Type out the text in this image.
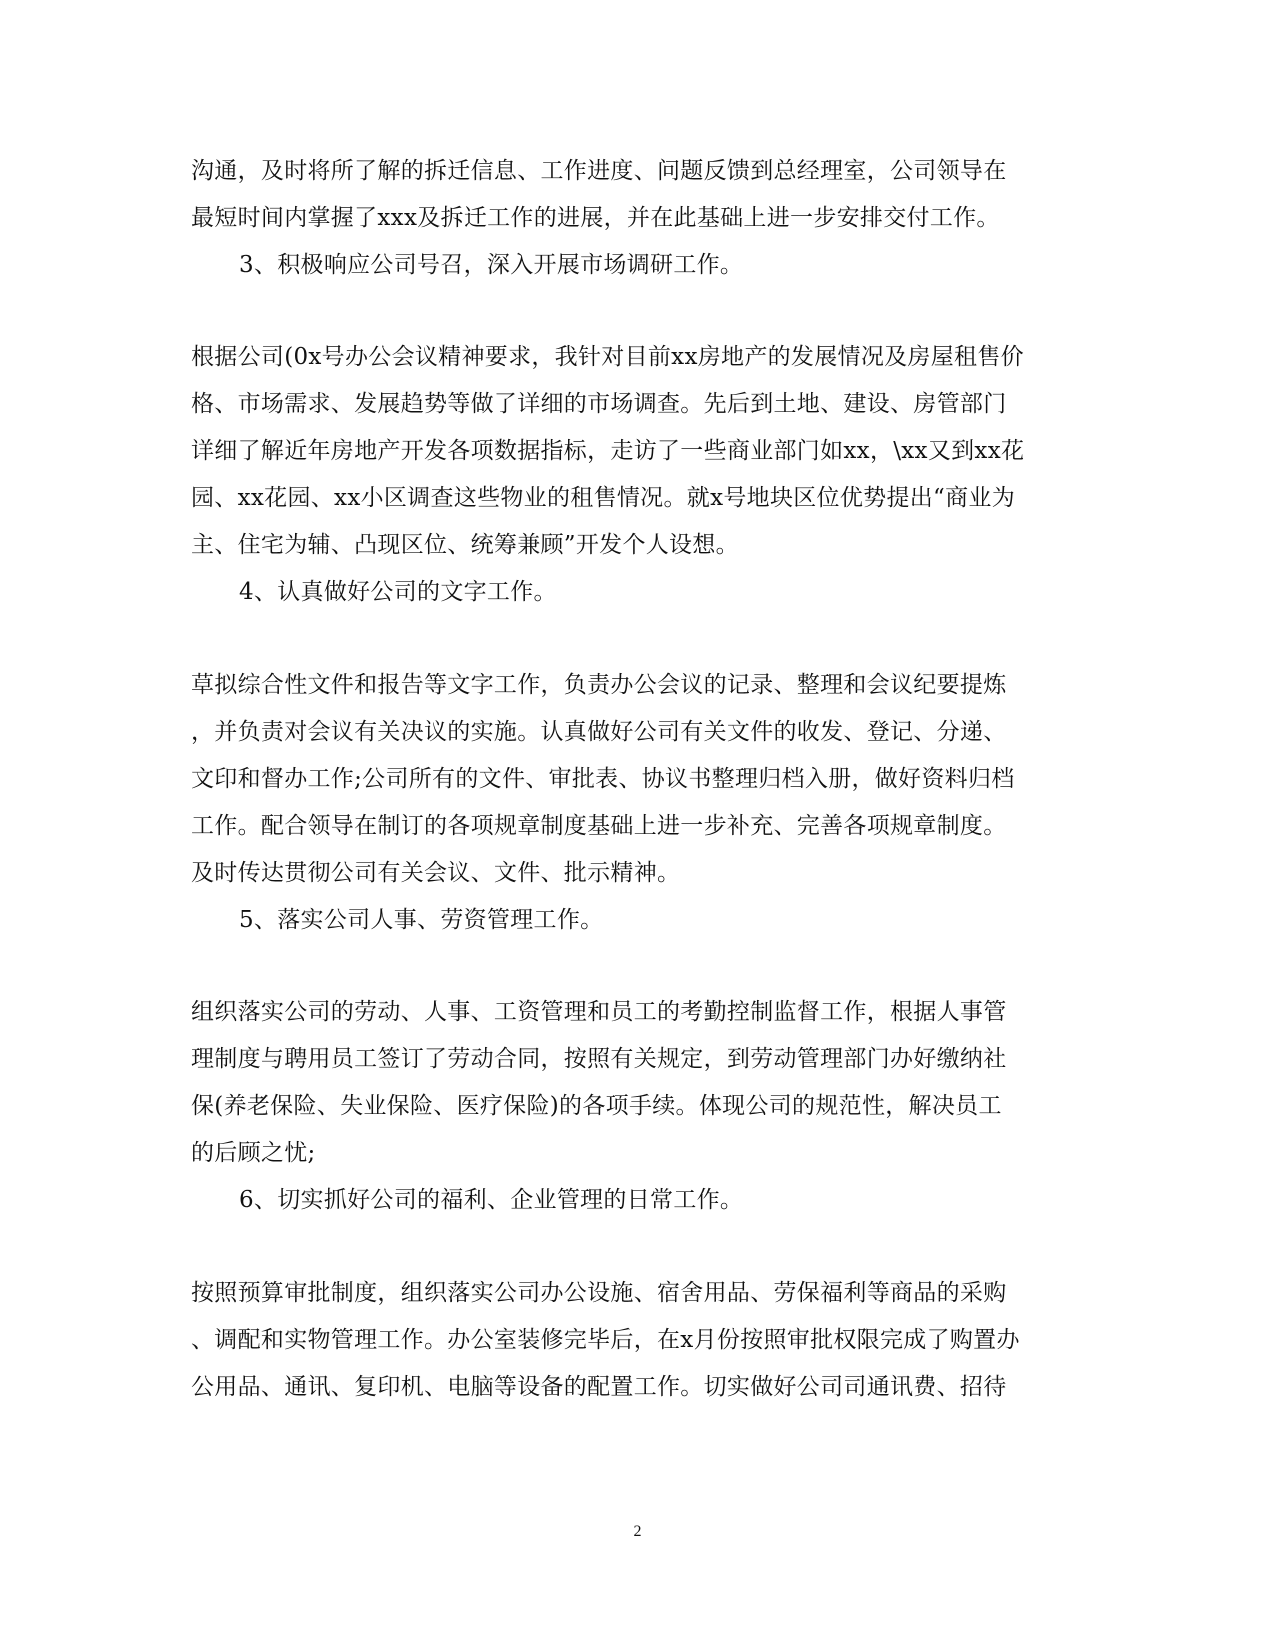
沟通，及时将所了解的拆迁信息、工作进度、问题反馈到总经理室，公司领导在
最短时间内掌握了xxx及拆迁工作的进展，并在此基础上进一步安排交付工作。
3、积极响应公司号召，深入开展市场调研工作。
根据公司(0x号办公会议精神要求，我针对目前xx房地产的发展情况及房屋租售价
格、市场需求、发展趋势等做了详细的市场调查。先后到土地、建设、房管部门
详细了解近年房地产开发各项数据指标，走访了一些商业部门如xx，\xx又到xx花
园、xx花园、xx小区调查这些物业的租售情况。就x号地块区位优势提出“商业为
主、住宅为辅、凸现区位、统筹兼顾”开发个人设想。
4、认真做好公司的文字工作。
草拟综合性文件和报告等文字工作，负责办公会议的记录、整理和会议纪要提炼
，并负责对会议有关决议的实施。认真做好公司有关文件的收发、登记、分递、
文印和督办工作;公司所有的文件、审批表、协议书整理归档入册，做好资料归档
工作。配合领导在制订的各项规章制度基础上进一步补充、完善各项规章制度。
及时传达贯彻公司有关会议、文件、批示精神。
5、落实公司人事、劳资管理工作。
组织落实公司的劳动、人事、工资管理和员工的考勤控制监督工作，根据人事管
理制度与聘用员工签订了劳动合同，按照有关规定，到劳动管理部门办好缴纳社
保(养老保险、失业保险、医疗保险)的各项手续。体现公司的规范性，解决员工
的后顾之忧;
6、切实抓好公司的福利、企业管理的日常工作。
按照预算审批制度，组织落实公司办公设施、宿舍用品、劳保福利等商品的采购
、调配和实物管理工作。办公室装修完毕后，在x月份按照审批权限完成了购置办
公用品、通讯、复印机、电脑等设备的配置工作。切实做好公司司通讯费、招待
2
